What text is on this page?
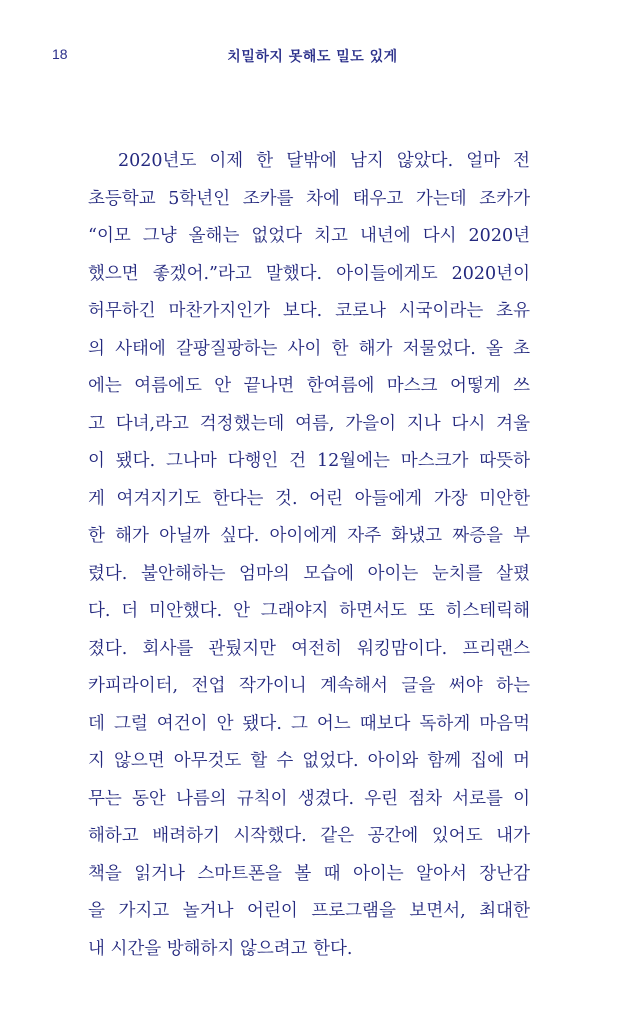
18	치밀하지 못해도 밀도 있게
2020년도 이제 한 달밖에 남지 않았다. 얼마 전
초등학교 5학년인 조카를 차에 태우고 가는데 조카가
“이모 그냥 올해는 없었다 치고 내년에 다시 2020년
했으면 좋겠어.”라고 말했다. 아이들에게도 2020년이
허무하긴 마찬가지인가 보다. 코로나 시국이라는 초유
의 사태에 갈팡질팡하는 사이 한 해가 저물었다. 올 초
에는 여름에도 안 끝나면 한여름에 마스크 어떻게 쓰
고 다녀,라고 걱정했는데 여름, 가을이 지나 다시 겨울
이 됐다. 그나마 다행인 건 12월에는 마스크가 따뜻하
게 여겨지기도 한다는 것. 어린 아들에게 가장 미안한
한 해가 아닐까 싶다. 아이에게 자주 화냈고 짜증을 부
렸다. 불안해하는 엄마의 모습에 아이는 눈치를 살폈
다. 더 미안했다. 안 그래야지 하면서도 또 히스테릭해
졌다. 회사를 관뒀지만 여전히 워킹맘이다. 프리랜스
카피라이터, 전업 작가이니 계속해서 글을 써야 하는
데 그럴 여건이 안 됐다. 그 어느 때보다 독하게 마음먹
지 않으면 아무것도 할 수 없었다. 아이와 함께 집에 머
무는 동안 나름의 규칙이 생겼다. 우린 점차 서로를 이
해하고 배려하기 시작했다. 같은 공간에 있어도 내가
책을 읽거나 스마트폰을 볼 때 아이는 알아서 장난감
을 가지고 놀거나 어린이 프로그램을 보면서, 최대한
내 시간을 방해하지 않으려고 한다.
